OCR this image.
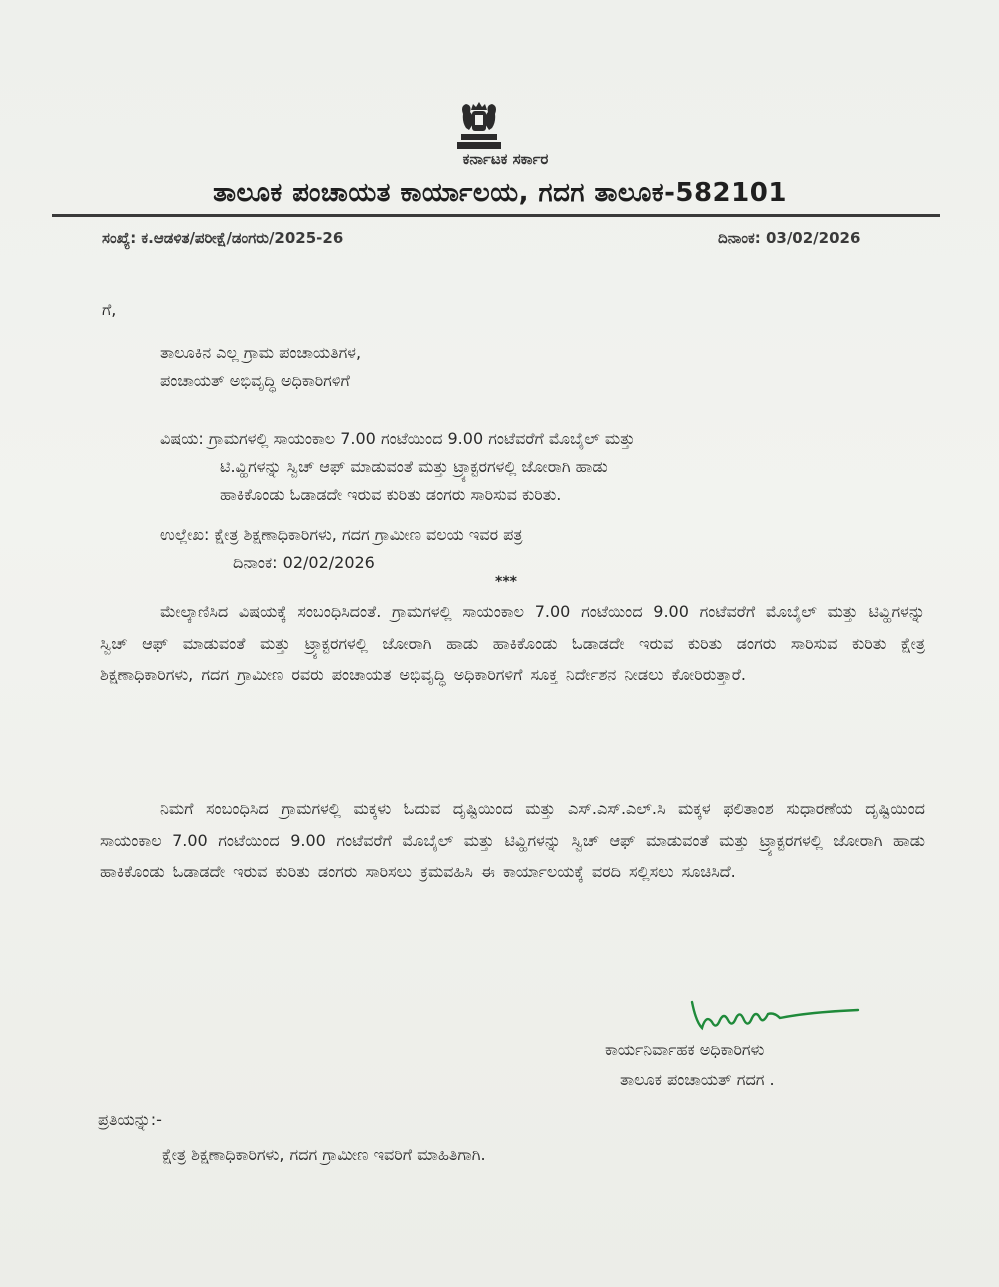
ಕರ್ನಾಟಕ ಸರ್ಕಾರ
ತಾಲೂಕ ಪಂಚಾಯತ ಕಾರ್ಯಾಲಯ, ಗದಗ ತಾಲೂಕ-582101
ಸಂಖ್ಯೆ: ಕ.ಆಡಳಿತ/ಪರೀಕ್ಷೆ/ಡಂಗರು/2025-26	ದಿನಾಂಕ: 03/02/2026
ಗೆ,
ತಾಲೂಕಿನ ಎಲ್ಲ ಗ್ರಾಮ ಪಂಚಾಯತಿಗಳ,
ಪಂಚಾಯತ್ ಅಭಿವೃದ್ಧಿ ಅಧಿಕಾರಿಗಳಿಗೆ
ವಿಷಯ: ಗ್ರಾಮಗಳಲ್ಲಿ ಸಾಯಂಕಾಲ 7.00 ಗಂಟೆಯಿಂದ 9.00 ಗಂಟೆವರೆಗೆ ಮೊಬೈಲ್ ಮತ್ತು
ಟಿ.ವ್ಹಿಗಳನ್ನು ಸ್ವಿಚ್ ಆಫ್ ಮಾಡುವಂತೆ ಮತ್ತು ಟ್ರ್ಯಾಕ್ಟರಗಳಲ್ಲಿ ಜೋರಾಗಿ ಹಾಡು
ಹಾಕಿಕೊಂಡು ಓಡಾಡದೇ ಇರುವ ಕುರಿತು ಡಂಗರು ಸಾರಿಸುವ ಕುರಿತು.
ಉಲ್ಲೇಖ: ಕ್ಷೇತ್ರ ಶಿಕ್ಷಣಾಧಿಕಾರಿಗಳು, ಗದಗ ಗ್ರಾಮೀಣ ವಲಯ ಇವರ ಪತ್ರ
ದಿನಾಂಕ: 02/02/2026
***
ಮೇಲ್ಕಾಣಿಸಿದ ವಿಷಯಕ್ಕೆ ಸಂಬಂಧಿಸಿದಂತೆ. ಗ್ರಾಮಗಳಲ್ಲಿ ಸಾಯಂಕಾಲ 7.00 ಗಂಟೆಯಿಂದ 9.00 ಗಂಟೆವರೆಗೆ ಮೊಬೈಲ್ ಮತ್ತು ಟಿವ್ಹಿಗಳನ್ನು ಸ್ವಿಚ್ ಆಫ್ ಮಾಡುವಂತೆ ಮತ್ತು ಟ್ರ್ಯಾಕ್ಟರಗಳಲ್ಲಿ ಜೋರಾಗಿ ಹಾಡು ಹಾಕಿಕೊಂಡು ಓಡಾಡದೇ ಇರುವ ಕುರಿತು ಡಂಗರು ಸಾರಿಸುವ ಕುರಿತು ಕ್ಷೇತ್ರ ಶಿಕ್ಷಣಾಧಿಕಾರಿಗಳು, ಗದಗ ಗ್ರಾಮೀಣ ರವರು ಪಂಚಾಯತ ಅಭಿವೃದ್ಧಿ ಅಧಿಕಾರಿಗಳಿಗೆ ಸೂಕ್ತ ನಿರ್ದೇಶನ ನೀಡಲು ಕೋರಿರುತ್ತಾರೆ.
ನಿಮಗೆ ಸಂಬಂಧಿಸಿದ ಗ್ರಾಮಗಳಲ್ಲಿ ಮಕ್ಕಳು ಓದುವ ದೃಷ್ಟಿಯಿಂದ ಮತ್ತು ಎಸ್.ಎಸ್.ಎಲ್.ಸಿ ಮಕ್ಕಳ ಫಲಿತಾಂಶ ಸುಧಾರಣೆಯ ದೃಷ್ಟಿಯಿಂದ ಸಾಯಂಕಾಲ 7.00 ಗಂಟೆಯಿಂದ 9.00 ಗಂಟೆವರೆಗೆ ಮೊಬೈಲ್ ಮತ್ತು ಟಿವ್ಹಿಗಳನ್ನು ಸ್ವಿಚ್ ಆಫ್ ಮಾಡುವಂತೆ ಮತ್ತು ಟ್ರ್ಯಾಕ್ಟರಗಳಲ್ಲಿ ಜೋರಾಗಿ ಹಾಡು ಹಾಕಿಕೊಂಡು ಓಡಾಡದೇ ಇರುವ ಕುರಿತು ಡಂಗರು ಸಾರಿಸಲು ಕ್ರಮವಹಿಸಿ ಈ ಕಾರ್ಯಾಲಯಕ್ಕೆ ವರದಿ ಸಲ್ಲಿಸಲು ಸೂಚಿಸಿದೆ.
ಕಾರ್ಯನಿರ್ವಾಹಕ ಅಧಿಕಾರಿಗಳು
ತಾಲೂಕ ಪಂಚಾಯತ್ ಗದಗ .
ಪ್ರತಿಯನ್ನು:-
ಕ್ಷೇತ್ರ ಶಿಕ್ಷಣಾಧಿಕಾರಿಗಳು, ಗದಗ ಗ್ರಾಮೀಣ ಇವರಿಗೆ ಮಾಹಿತಿಗಾಗಿ.
